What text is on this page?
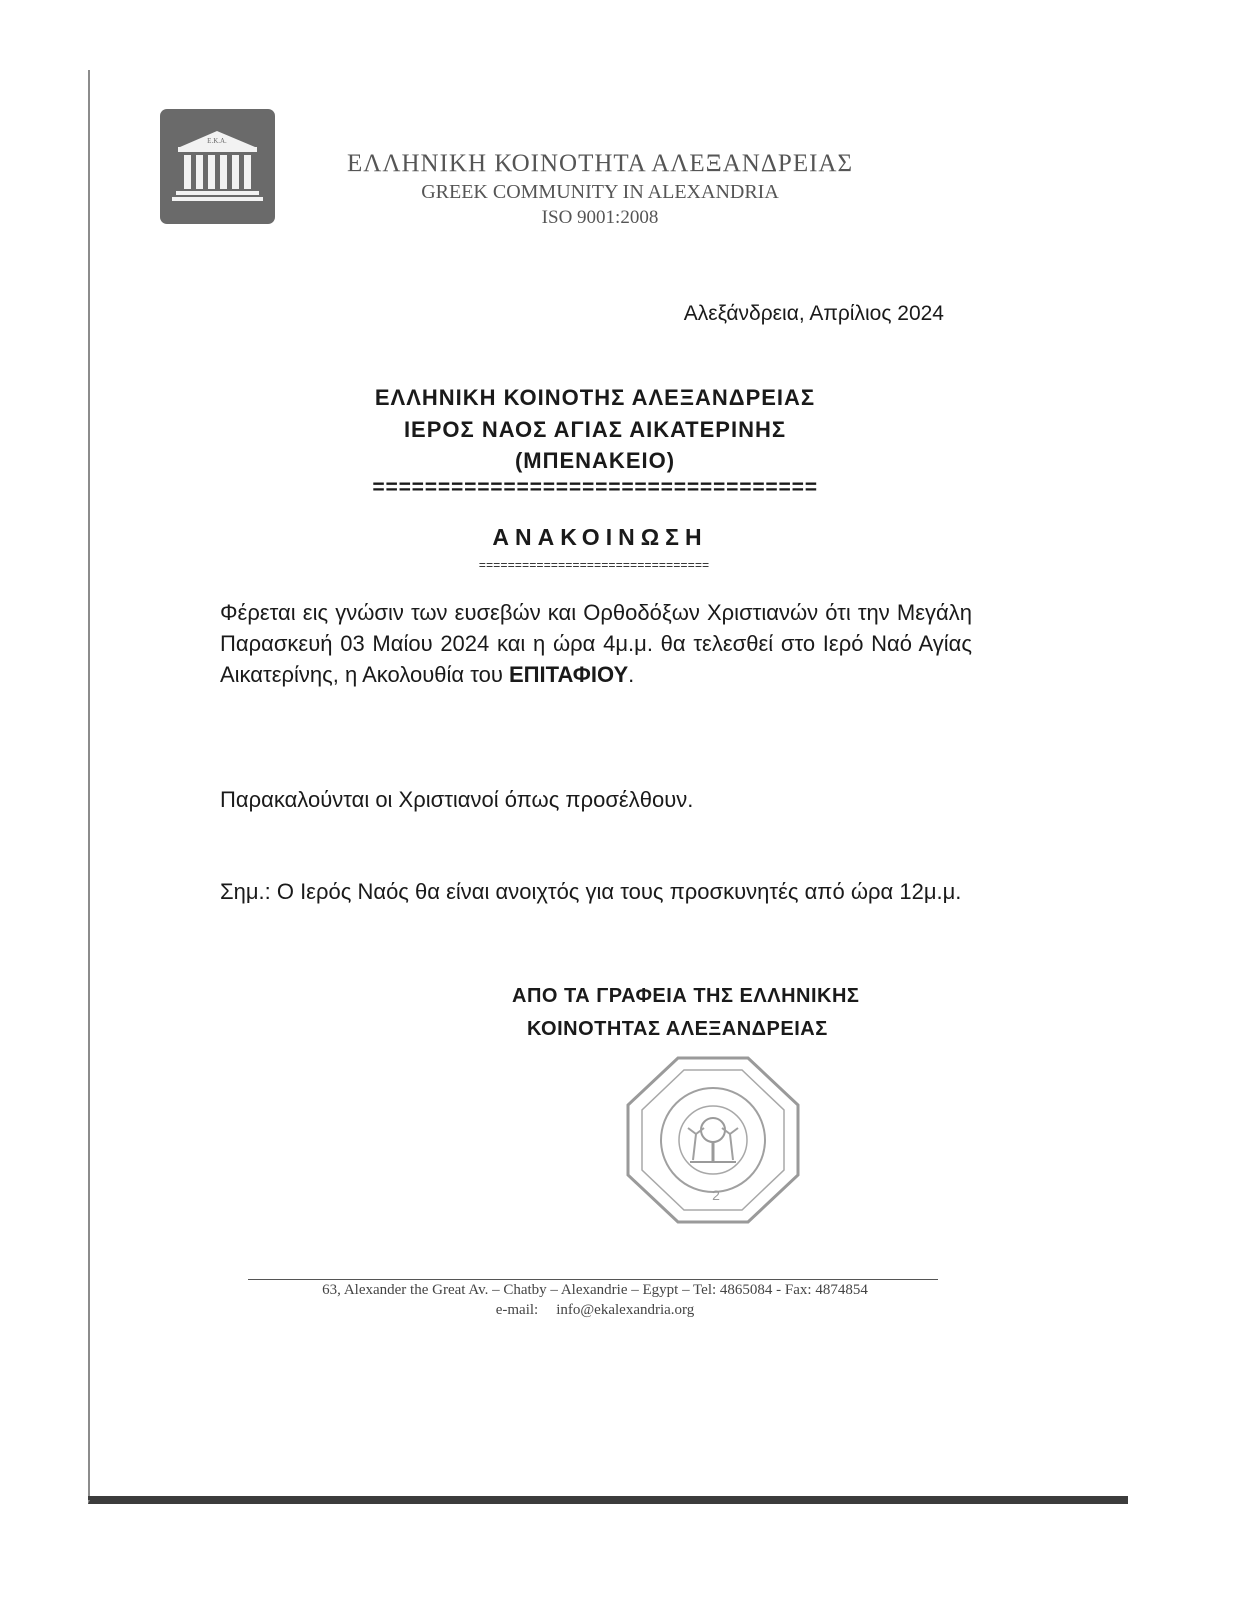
Ε.Κ.Α.
ΕΛΛΗΝΙΚΗ ΚΟΙΝΟΤΗΤΑ ΑΛΕΞΑΝΔΡΕΙΑΣ
GREEK COMMUNITY IN ALEXANDRIA
ISO 9001:2008
Αλεξάνδρεια, Απρίλιος 2024
ΕΛΛΗΝΙΚΗ ΚΟΙΝΟΤΗΣ ΑΛΕΞΑΝΔΡΕΙΑΣ
ΙΕΡΟΣ ΝΑΟΣ ΑΓΙΑΣ ΑΙΚΑΤΕΡΙΝΗΣ
(ΜΠΕΝΑΚΕΙΟ)
==================================
ΑΝΑΚΟΙΝΩΣΗ
================================
Φέρεται εις γνώσιν των ευσεβών και Ορθοδόξων Χριστιανών ότι την Μεγάλη Παρασκευή 03 Μαίου 2024 και η ώρα 4μ.μ. θα τελεσθεί στο Ιερό Ναό Αγίας Αικατερίνης, η Ακολουθία του ΕΠΙΤΑΦΙΟΥ.
Παρακαλούνται οι Χριστιανοί όπως προσέλθουν.
Σημ.: Ο Ιερός Ναός θα είναι ανοιχτός για τους προσκυνητές από ώρα 12μ.μ.
ΑΠΟ ΤΑ ΓΡΑΦΕΙΑ ΤΗΣ ΕΛΛΗΝΙΚΗΣ
ΚΟΙΝΟΤΗΤΑΣ ΑΛΕΞΑΝΔΡΕΙΑΣ
2
63, Alexander the Great Av. – Chatby – Alexandrie – Egypt – Tel: 4865084 - Fax: 4874854
e-mail: info@ekalexandria.org
